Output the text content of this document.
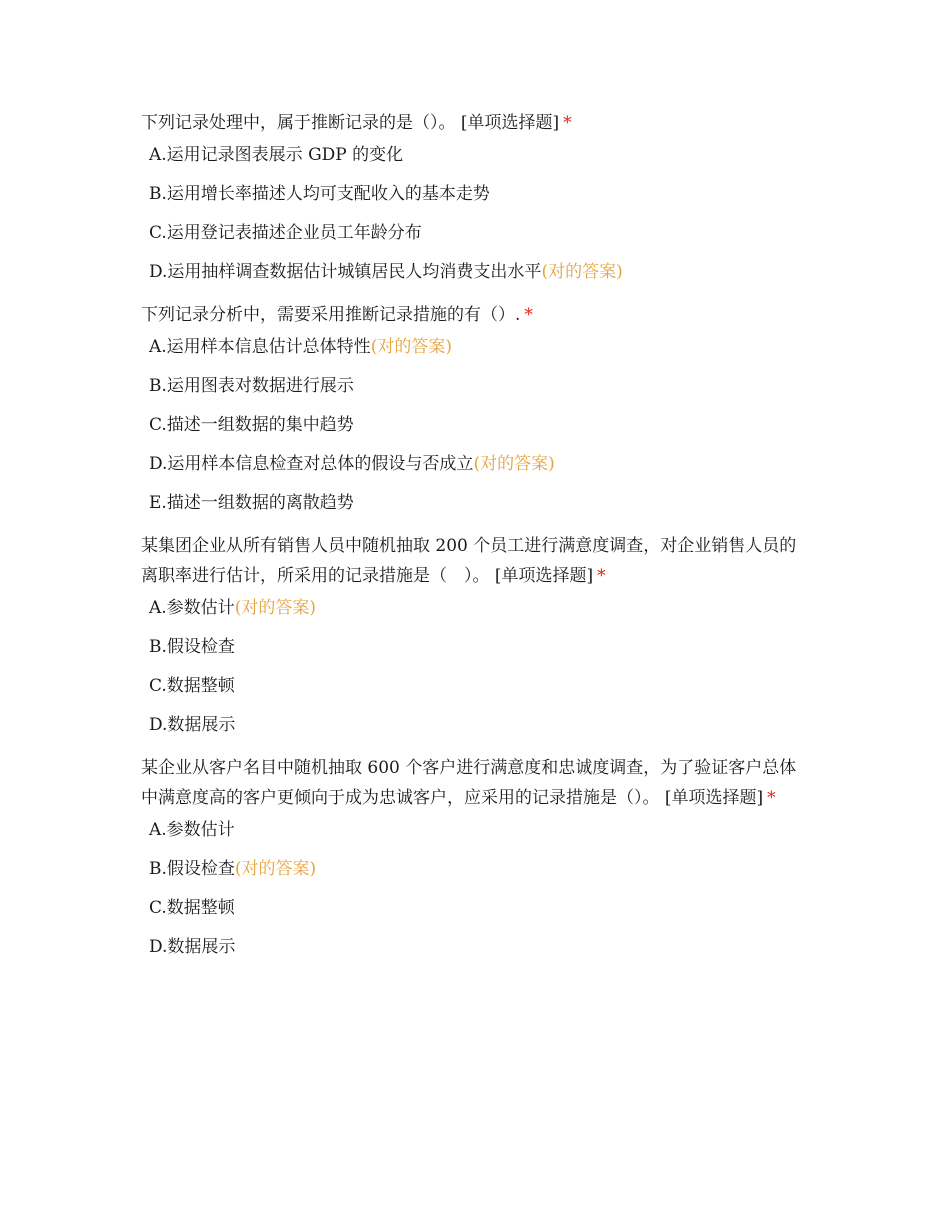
下列记录处理中，属于推断记录的是（）。 [单项选择题] *

A.运用记录图表展示 GDP 的变化
B.运用增长率描述人均可支配收入的基本走势
C.运用登记表描述企业员工年龄分布
D.运用抽样调查数据估计城镇居民人均消费支出水平(对的答案)

下列记录分析中，需要采用推断记录措施的有（）. *

A.运用样本信息估计总体特性(对的答案)
B.运用图表对数据进行展示
C.描述一组数据的集中趋势
D.运用样本信息检查对总体的假设与否成立(对的答案)
E.描述一组数据的离散趋势

某集团企业从所有销售人员中随机抽取 200 个员工进行满意度调查，对企业销售人员的离职率进行估计，所采用的记录措施是（　）。 [单项选择题] *

A.参数估计(对的答案)
B.假设检查
C.数据整顿
D.数据展示

某企业从客户名目中随机抽取 600 个客户进行满意度和忠诚度调查，为了验证客户总体中满意度高的客户更倾向于成为忠诚客户，应采用的记录措施是（）。 [单项选择题] *

A.参数估计
B.假设检查(对的答案)
C.数据整顿
D.数据展示
